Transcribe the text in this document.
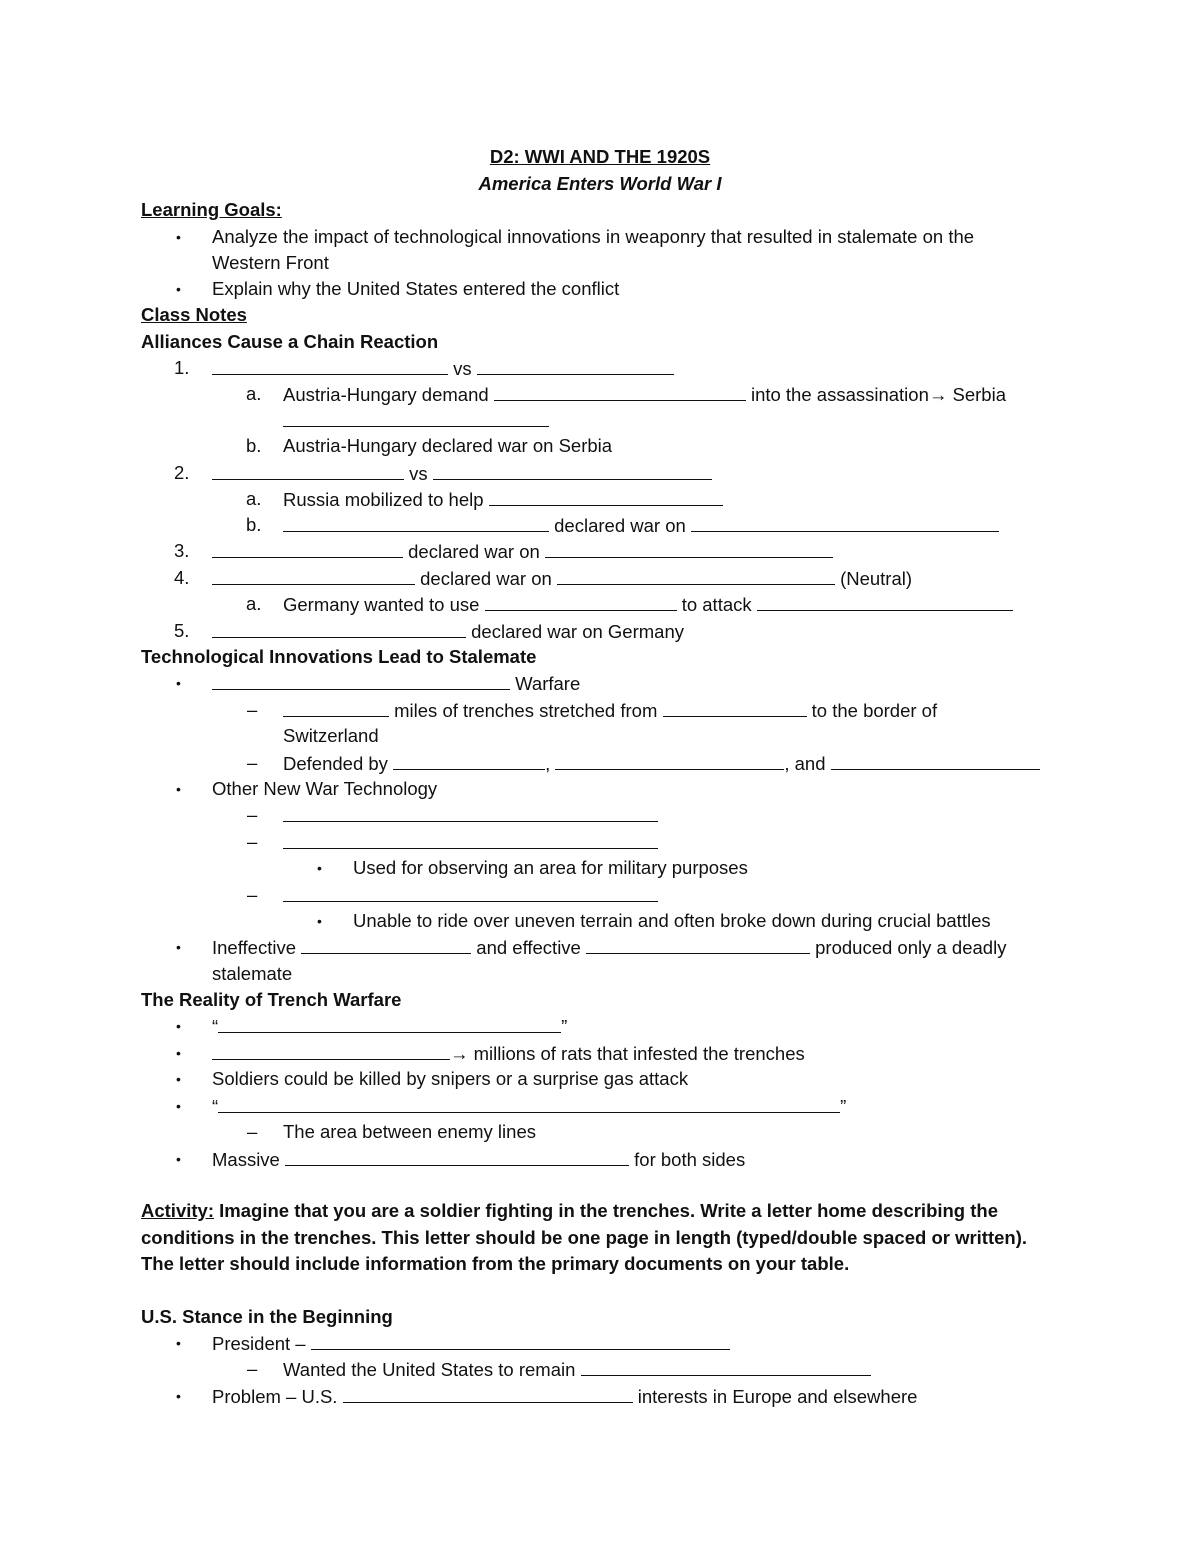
D2: WWI AND THE 1920S
America Enters World War I
Learning Goals:
• Analyze the impact of technological innovations in weaponry that resulted in stalemate on the
Western Front
• Explain why the United States entered the conflict
Class Notes
Alliances Cause a Chain Reaction
1.	vs
a. Austria-Hungary demand	into the assassination→ Serbia
b. Austria-Hungary declared war on Serbia
2.	vs
a. Russia mobilized to help
b.	declared war on
3.	declared war on
4.	declared war on	(Neutral)
a. Germany wanted to use	to attack
5.	declared war on Germany
Technological Innovations Lead to Stalemate
•	Warfare
–	miles of trenches stretched from	to the border of
Switzerland
– Defended by	,	, and
• Other New War Technology
–
–
• Used for observing an area for military purposes
–
• Unable to ride over uneven terrain and often broke down during crucial battles
• Ineffective	and effective	produced only a deadly
stalemate
The Reality of Trench Warfare
• “	”
•	→ millions of rats that infested the trenches
• Soldiers could be killed by snipers or a surprise gas attack
• “	”
– The area between enemy lines
• Massive	for both sides
Activity: Imagine that you are a soldier fighting in the trenches. Write a letter home describing the
conditions in the trenches. This letter should be one page in length (typed/double spaced or written).
The letter should include information from the primary documents on your table.
U.S. Stance in the Beginning
• President –
– Wanted the United States to remain
• Problem – U.S.	interests in Europe and elsewhere
